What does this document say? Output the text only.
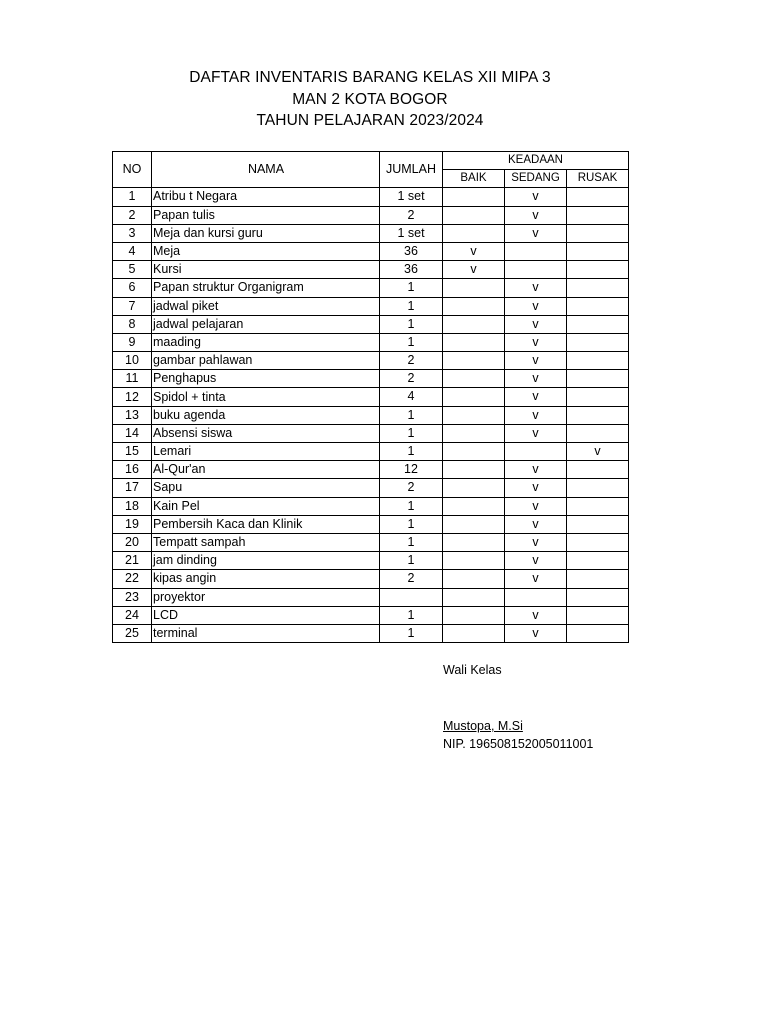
DAFTAR INVENTARIS BARANG KELAS XII MIPA 3
MAN 2 KOTA BOGOR
TAHUN PELAJARAN 2023/2024
NO	NAMA	JUMLAH	KEADAAN		
			BAIK	SEDANG	RUSAK
1	Atribu t Negara	1 set		v	
2	Papan tulis	2		v	
3	Meja dan kursi guru	1 set		v	
4	Meja	36	v		
5	Kursi	36	v		
6	Papan struktur Organigram	1		v	
7	jadwal piket	1		v	
8	jadwal pelajaran	1		v	
9	maading	1		v	
10	gambar pahlawan	2		v	
11	Penghapus	2		v	
12	Spidol + tinta	4		v	
13	buku agenda	1		v	
14	Absensi siswa	1		v	
15	Lemari	1			v
16	Al-Qur'an	12		v	
17	Sapu	2		v	
18	Kain Pel	1		v	
19	Pembersih Kaca dan Klinik	1		v	
20	Tempatt sampah	1		v	
21	jam dinding	1		v	
22	kipas angin	2		v	
23	proyektor				
24	LCD	1		v	
25	terminal	1		v	
Wali Kelas
Mustopa, M.Si
NIP. 196508152005011001
